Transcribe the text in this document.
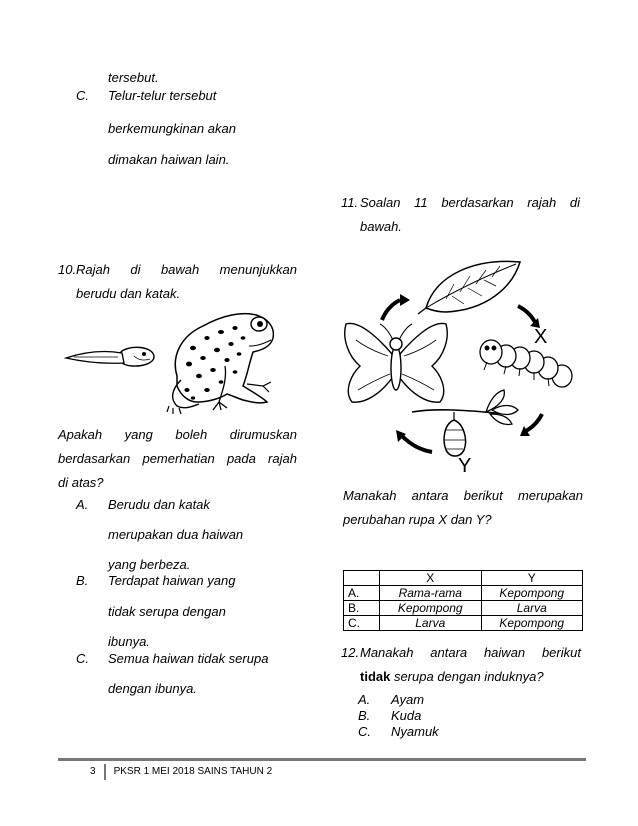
tersebut.
C. Telur-telur tersebut
berkemungkinan akan
dimakan haiwan lain.
10. Rajah di bawah menunjukkan
berudu dan katak.
Apakah yang boleh dirumuskan
berdasarkan pemerhatian pada rajah
di atas?
A. Berudu dan katak
merupakan dua haiwan
yang berbeza.
B. Terdapat haiwan yang
tidak serupa dengan
ibunya.
C. Semua haiwan tidak serupa
dengan ibunya.
11. Soalan 11 berdasarkan rajah di
bawah.
X
Y
Manakah antara berikut merupakan
perubahan rupa X dan Y?
	X	Y
A.	Rama-rama	Kepompong
B.	Kepompong	Larva
C.	Larva	Kepompong
12. Manakah antara haiwan berikut
tidak serupa dengan induknya?
A. Ayam
B. Kuda
C. Nyamuk
3	PKSR 1 MEI 2018 SAINS TAHUN 2
